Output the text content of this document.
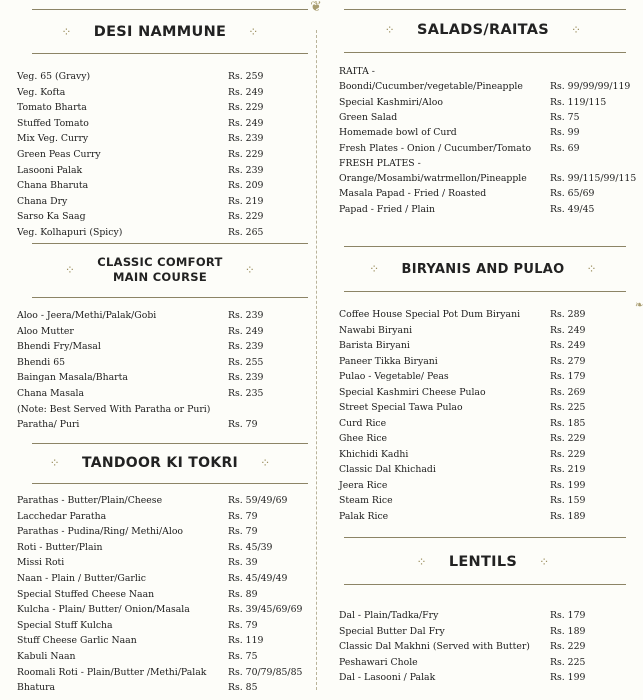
❦
❧
⁘ DESI NAMMUNE ⁘
Veg. 65 (Gravy)	Rs. 259
Veg. Kofta	Rs. 249
Tomato Bharta	Rs. 229
Stuffed Tomato	Rs. 249
Mix Veg. Curry	Rs. 239
Green Peas Curry	Rs. 229
Lasooni Palak	Rs. 239
Chana Bharuta	Rs. 209
Chana Dry	Rs. 219
Sarso Ka Saag	Rs. 229
Veg. Kolhapuri (Spicy)	Rs. 265
⁘
CLASSIC COMFORT
MAIN COURSE
⁘
Aloo - Jeera/Methi/Palak/Gobi	Rs. 239
Aloo Mutter	Rs. 249
Bhendi Fry/Masal	Rs. 239
Bhendi 65	Rs. 255
Baingan Masala/Bharta	Rs. 239
Chana Masala	Rs. 235
(Note: Best Served With Paratha or Puri)
Paratha/ Puri	Rs. 79
⁘ TANDOOR KI TOKRI ⁘
Parathas - Butter/Plain/Cheese	Rs. 59/49/69
Lacchedar Paratha	Rs. 79
Parathas - Pudina/Ring/ Methi/Aloo	Rs. 79
Roti - Butter/Plain	Rs. 45/39
Missi Roti	Rs. 39
Naan - Plain / Butter/Garlic	Rs. 45/49/49
Special Stuffed Cheese Naan	Rs. 89
Kulcha - Plain/ Butter/ Onion/Masala	Rs. 39/45/69/69
Special Stuff Kulcha	Rs. 79
Stuff Cheese Garlic Naan	Rs. 119
Kabuli Naan	Rs. 75
Roomali Roti - Plain/Butter /Methi/Palak	Rs. 70/79/85/85
Bhatura	Rs. 85
⁘ SALADS/RAITAS ⁘
RAITA -
Boondi/Cucumber/vegetable/Pineapple	Rs. 99/99/99/119
Special Kashmiri/Aloo	Rs. 119/115
Green Salad	Rs. 75
Homemade bowl of Curd	Rs. 99
Fresh Plates - Onion / Cucumber/Tomato	Rs. 69
FRESH PLATES -
Orange/Mosambi/watrmellon/Pineapple	Rs. 99/115/99/115
Masala Papad - Fried / Roasted	Rs. 65/69
Papad - Fried / Plain	Rs. 49/45
⁘ BIRYANIS AND PULAO ⁘
Coffee House Special Pot Dum Biryani	Rs. 289
Nawabi Biryani	Rs. 249
Barista Biryani	Rs. 249
Paneer Tikka Biryani	Rs. 279
Pulao - Vegetable/ Peas	Rs. 179
Special Kashmiri Cheese Pulao	Rs. 269
Street Special Tawa Pulao	Rs. 225
Curd Rice	Rs. 185
Ghee Rice	Rs. 229
Khichidi Kadhi	Rs. 229
Classic Dal Khichadi	Rs. 219
Jeera Rice	Rs. 199
Steam Rice	Rs. 159
Palak Rice	Rs. 189
⁘ LENTILS ⁘
Dal - Plain/Tadka/Fry	Rs. 179
Special Butter Dal Fry	Rs. 189
Classic Dal Makhni (Served with Butter)	Rs. 229
Peshawari Chole	Rs. 225
Dal - Lasooni / Palak	Rs. 199
